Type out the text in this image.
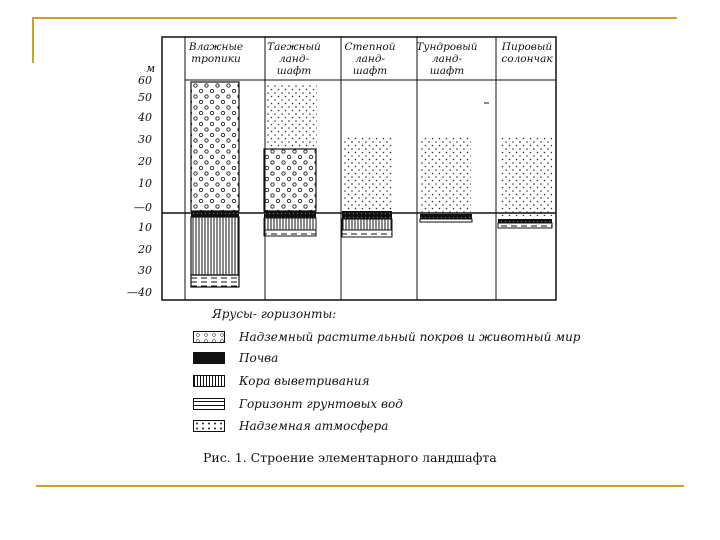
м
60
50
40
30
20
10
—0
10
20
30
—40
Влажные
тропики
Таежный
ланд-
шафт
Степной
ланд-
шафт
Тундровый
ланд-
шафт
Пировый
солончак
Ярусы- горизонты:
Надземный растительный покров и животный мир
Почва
Кора выветривания
Горизонт грунтовых вод
Надземная атмосфера
Рис. 1. Строение элементарного ландшафта
